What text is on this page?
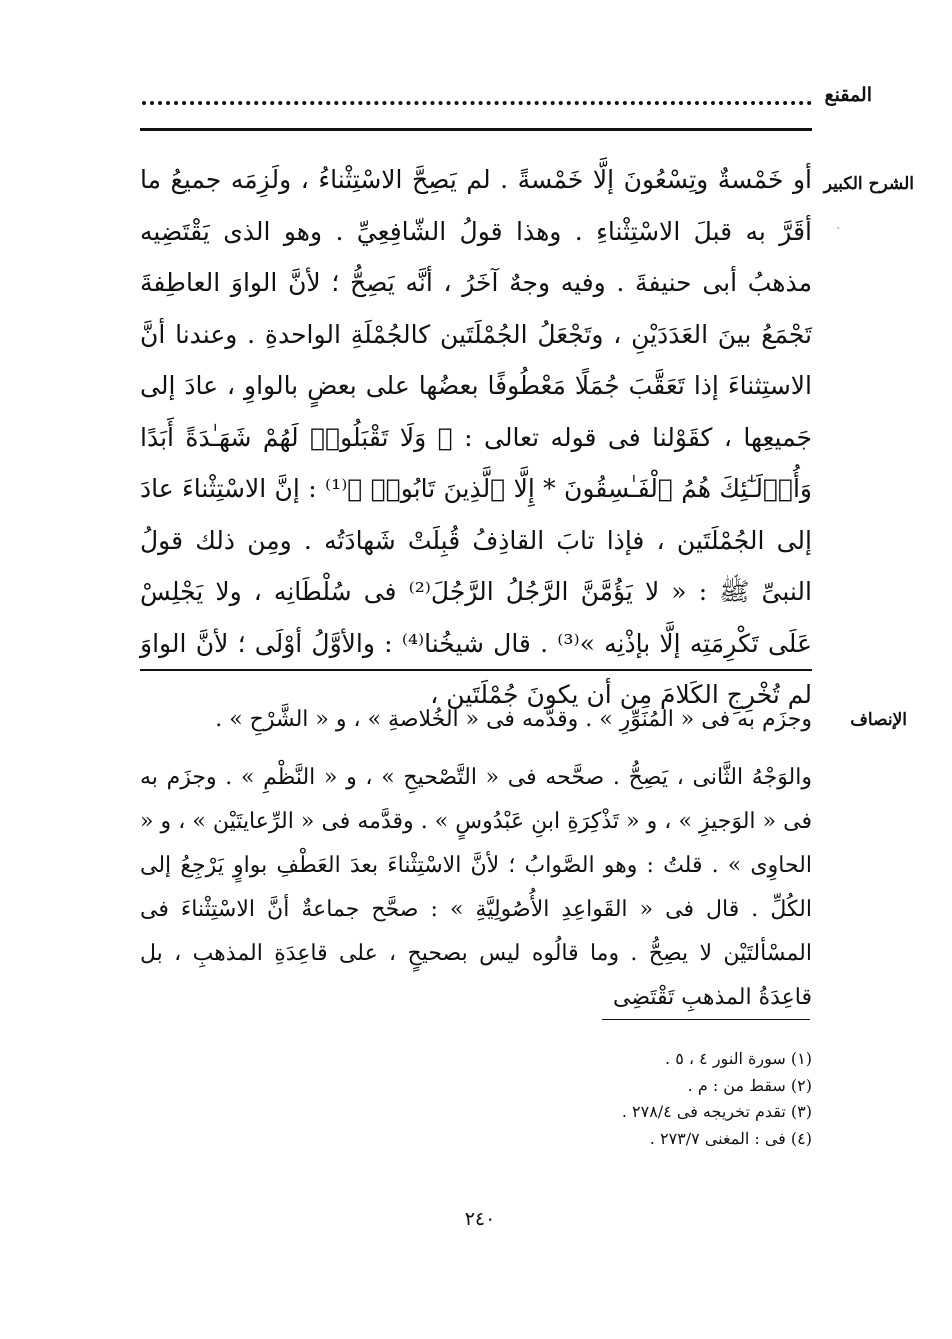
المقنع
الشرح الكبير
ˏ
أو خَمْسةٌ وتِسْعُونَ إلَّا خَمْسةً . لم يَصِحَّ الاسْتِثْناءُ ، ولَزِمَه جميعُ ما أقَرَّ به قبلَ الاسْتِثْناءِ . وهذا قولُ الشّافِعِيِّ . وهو الذى يَقْتَضِيه مذهبُ أبى حنيفةَ . وفيه وجهٌ آخَرُ ، أنَّه يَصِحُّ ؛ لأنَّ الواوَ العاطِفةَ تَجْمَعُ بينَ العَدَدَيْنِ ، وتَجْعَلُ الجُمْلَتَين كالجُمْلَةِ الواحدةِ . وعندنا أنَّ الاستِثناءَ إذا تَعَقَّبَ جُمَلًا مَعْطُوفًا بعضُها على بعضٍ بالواوِ ، عادَ إلى جَميعِها ، كقَوْلنا فى قوله تعالى : ﴿ وَلَا تَقْبَلُوا۟ لَهُمْ شَهَـٰدَةً أَبَدًا وَأُو۟لَـٰٓئِكَ هُمُ ٱلْفَـٰسِقُونَ * إِلَّا ٱلَّذِينَ تَابُوا۟ ﴾⁽¹⁾ : إنَّ الاسْتِثْناءَ عادَ إلى الجُمْلَتَين ، فإذا تابَ القاذِفُ قُبِلَتْ شَهادَتُه . ومِن ذلك قولُ النبىِّ ﷺ : « لا يَؤُمَّنَّ الرَّجُلُ الرَّجُلَ⁽²⁾ فى سُلْطَانِه ، ولا يَجْلِسْ عَلَى تَكْرِمَتِه إلَّا بإذْنِه »⁽³⁾ . قال شيخُنا⁽⁴⁾ : والأوَّلُ أوْلَى ؛ لأنَّ الواوَ لم تُخْرِجِ الكَلامَ مِن أن يكونَ جُمْلَتَين ،
الإنصاف

وجزَم به فى « المُنَوِّرِ » . وقدَّمه فى « الخُلاصةِ » ، و « الشَّرْحِ » .

والوَجْهُ الثَّانى ، يَصِحُّ . صحَّحه فى « التَّصْحيحِ » ، و « النَّظْمِ » . وجزَم به فى « الوَجيزِ » ، و « تَذْكِرَةِ ابنِ عَبْدُوسٍ » . وقدَّمه فى « الرِّعايتَيْن » ، و « الحاوِى » . قلتُ : وهو الصَّوابُ ؛ لأنَّ الاسْتِثْناءَ بعدَ العَطْفِ بواوٍ يَرْجِعُ إلى الكُلِّ . قال فى « القَواعِدِ الأُصُولِيَّةِ » : صحَّح جماعةٌ أنَّ الاسْتِثْناءَ فى المسْألتَيْن لا يصِحُّ . وما قالُوه ليس بصحيحٍ ، على قاعِدَةِ المذهبِ ، بل قاعِدَةُ المذهبِ تَقْتَضِى

(١) سورة النور ٤ ، ٥ .
(٢) سقط من : م .
(٣) تقدم تخريجه فى ٢٧٨/٤ .
(٤) فى : المغنى ٢٧٣/٧ .
٢٤٠
